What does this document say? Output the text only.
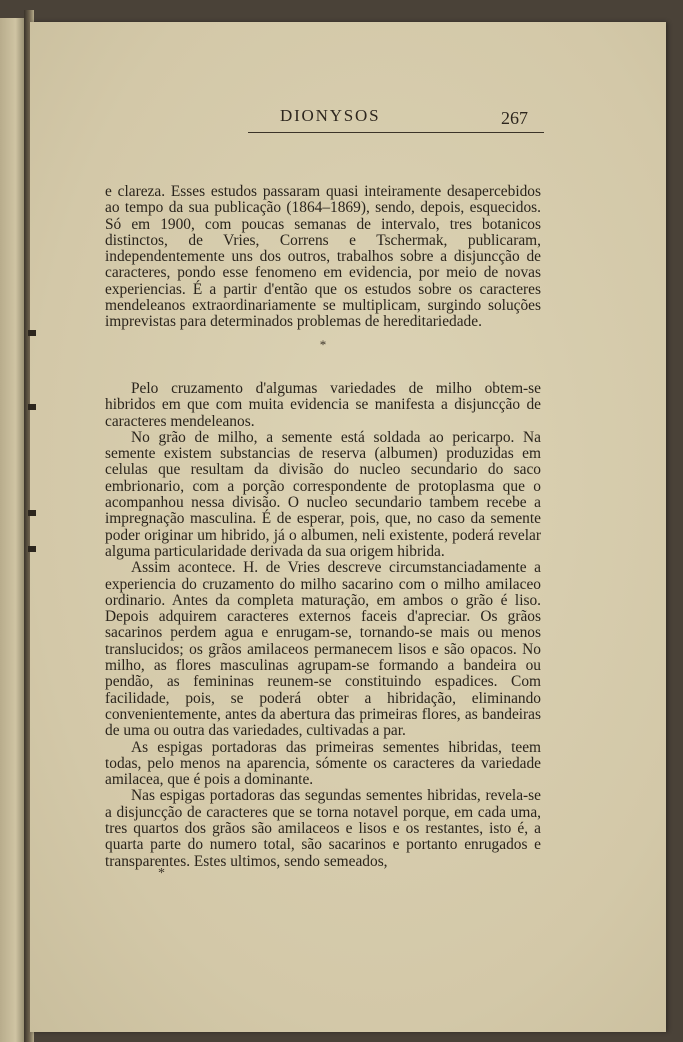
DIONYSOS	267

e clareza. Esses estudos passaram quasi inteiramente desapercebidos ao tempo da sua publicação (1864–1869), sendo, depois, esquecidos. Só em 1900, com poucas semanas de intervalo, tres botanicos distinctos, de Vries, Correns e Tschermak, publicaram, independentemente uns dos outros, trabalhos sobre a disjuncção de caracteres, pondo esse fenomeno em evidencia, por meio de novas experiencias. É a partir d'então que os estudos sobre os caracteres mendeleanos extraordinariamente se multiplicam, surgindo soluções imprevistas para determinados problemas de hereditariedade.

*

Pelo cruzamento d'algumas variedades de milho obtem-se hibridos em que com muita evidencia se manifesta a disjuncção de caracteres mendeleanos.

No grão de milho, a semente está soldada ao pericarpo. Na semente existem substancias de reserva (albumen) produzidas em celulas que resultam da divisão do nucleo secundario do saco embrionario, com a porção correspondente de protoplasma que o acompanhou nessa divisão. O nucleo secundario tambem recebe a impregnação masculina. É de esperar, pois, que, no caso da semente poder originar um hibrido, já o albumen, neli existente, poderá revelar alguma particularidade derivada da sua origem hibrida.

Assim acontece. H. de Vries descreve circumstanciadamente a experiencia do cruzamento do milho sacarino com o milho amilaceo ordinario. Antes da completa maturação, em ambos o grão é liso. Depois adquirem caracteres externos faceis d'apreciar. Os grãos sacarinos perdem agua e enrugam-se, tornando-se mais ou menos translucidos; os grãos amilaceos permanecem lisos e são opacos. No milho, as flores masculinas agrupam-se formando a bandeira ou pendão, as femininas reunem-se constituindo espadices. Com facilidade, pois, se poderá obter a hibridação, eliminando convenientemente, antes da abertura das primeiras flores, as bandeiras de uma ou outra das variedades, cultivadas a par.

As espigas portadoras das primeiras sementes hibridas, teem todas, pelo menos na aparencia, sómente os caracteres da variedade amilacea, que é pois a dominante.

Nas espigas portadoras das segundas sementes hibridas, revela-se a disjuncção de caracteres que se torna notavel porque, em cada uma, tres quartos dos grãos são amilaceos e lisos e os restantes, isto é, a quarta parte do numero total, são sacarinos e portanto enrugados e transparentes. Estes ultimos, sendo semeados,

*
